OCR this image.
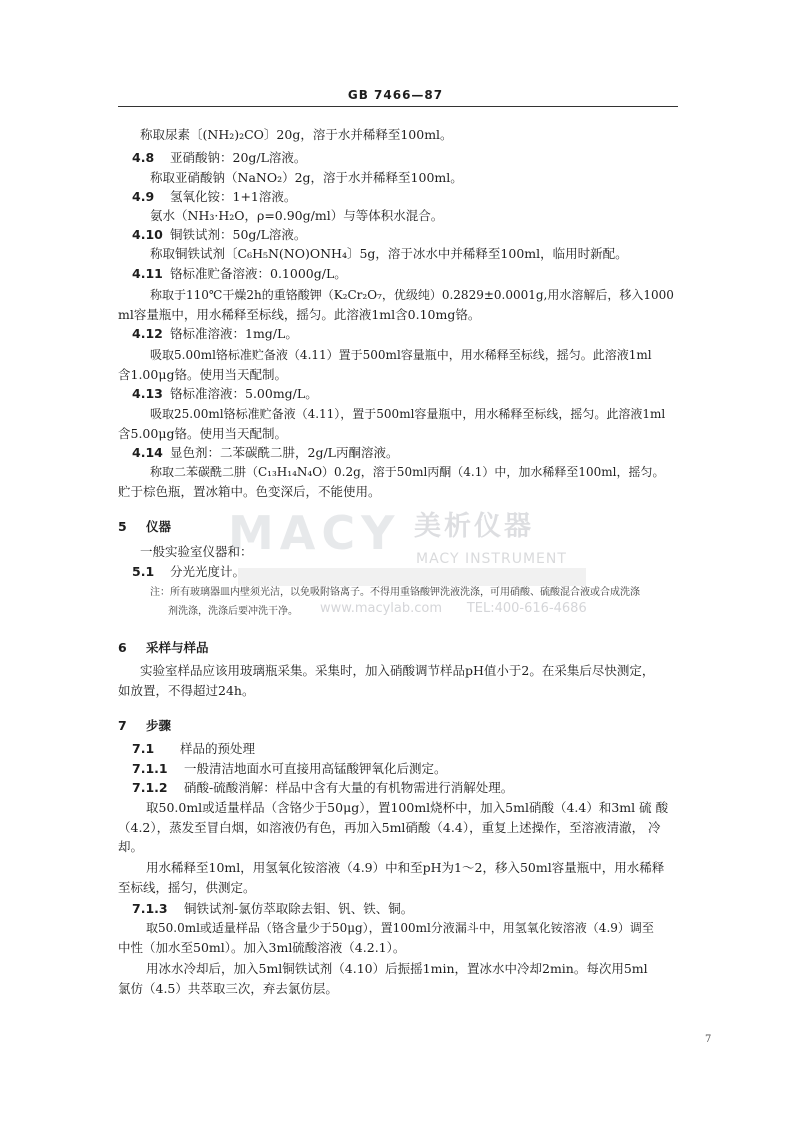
GB 7466—87
称取尿素〔(NH₂)₂CO〕20g，溶于水并稀释至100ml。
4.8 亚硝酸钠：20g/L溶液。
称取亚硝酸钠（NaNO₂）2g，溶于水并稀释至100ml。
4.9 氢氧化铵：1+1溶液。
氨水（NH₃·H₂O，ρ=0.90g/ml）与等体积水混合。
4.10 铜铁试剂：50g/L溶液。
称取铜铁试剂〔C₆H₅N(NO)ONH₄〕5g，溶于冰水中并稀释至100ml，临用时新配。
4.11 铬标准贮备溶液：0.1000g/L。
称取于110℃干燥2h的重铬酸钾（K₂Cr₂O₇，优级纯）0.2829±0.0001g,用水溶解后，移入1000
ml容量瓶中，用水稀释至标线，摇匀。此溶液1ml含0.10mg铬。
4.12 铬标准溶液：1mg/L。
吸取5.00ml铬标准贮备液（4.11）置于500ml容量瓶中，用水稀释至标线，摇匀。此溶液1ml
含1.00μg铬。使用当天配制。
4.13 铬标准溶液：5.00mg/L。
吸取25.00ml铬标准贮备液（4.11），置于500ml容量瓶中，用水稀释至标线，摇匀。此溶液1ml
含5.00μg铬。使用当天配制。
4.14 显色剂：二苯碳酰二肼，2g/L丙酮溶液。
称取二苯碳酰二肼（C₁₃H₁₄N₄O）0.2g，溶于50ml丙酮（4.1）中，加水稀释至100ml，摇匀。
贮于棕色瓶，置冰箱中。色变深后，不能使用。
5 仪器
一般实验室仪器和：
5.1 分光光度计。
注：所有玻璃器皿内壁须光洁，以免吸附铬离子。不得用重铬酸钾洗液洗涤，可用硝酸、硫酸混合液或合成洗涤
剂洗涤，洗涤后要冲洗干净。
6 采样与样品
实验室样品应该用玻璃瓶采集。采集时，加入硝酸调节样品pH值小于2。在采集后尽快测定，
如放置，不得超过24h。
7 步骤
7.1 样品的预处理
7.1.1 一般清洁地面水可直接用高锰酸钾氧化后测定。
7.1.2 硝酸-硫酸消解：样品中含有大量的有机物需进行消解处理。
取50.0ml或适量样品（含铬少于50μg），置100ml烧杯中，加入5ml硝酸（4.4）和3ml 硫 酸
（4.2），蒸发至冒白烟，如溶液仍有色，再加入5ml硝酸（4.4），重复上述操作，至溶液清澈， 冷
却。
用水稀释至10ml，用氢氧化铵溶液（4.9）中和至pH为1～2，移入50ml容量瓶中，用水稀释
至标线，摇匀，供测定。
7.1.3 铜铁试剂-氯仿萃取除去钼、钒、铁、铜。
取50.0ml或适量样品（铬含量少于50μg），置100ml分液漏斗中，用氢氧化铵溶液（4.9）调至
中性（加水至50ml）。加入3ml硫酸溶液（4.2.1）。
用冰水冷却后，加入5ml铜铁试剂（4.10）后振摇1min，置冰水中冷却2min。每次用5ml
氯仿（4.5）共萃取三次，弃去氯仿层。
MACY 美析仪器
MACY INSTRUMENT
www.macylab.com TEL:400-616-4686
7
